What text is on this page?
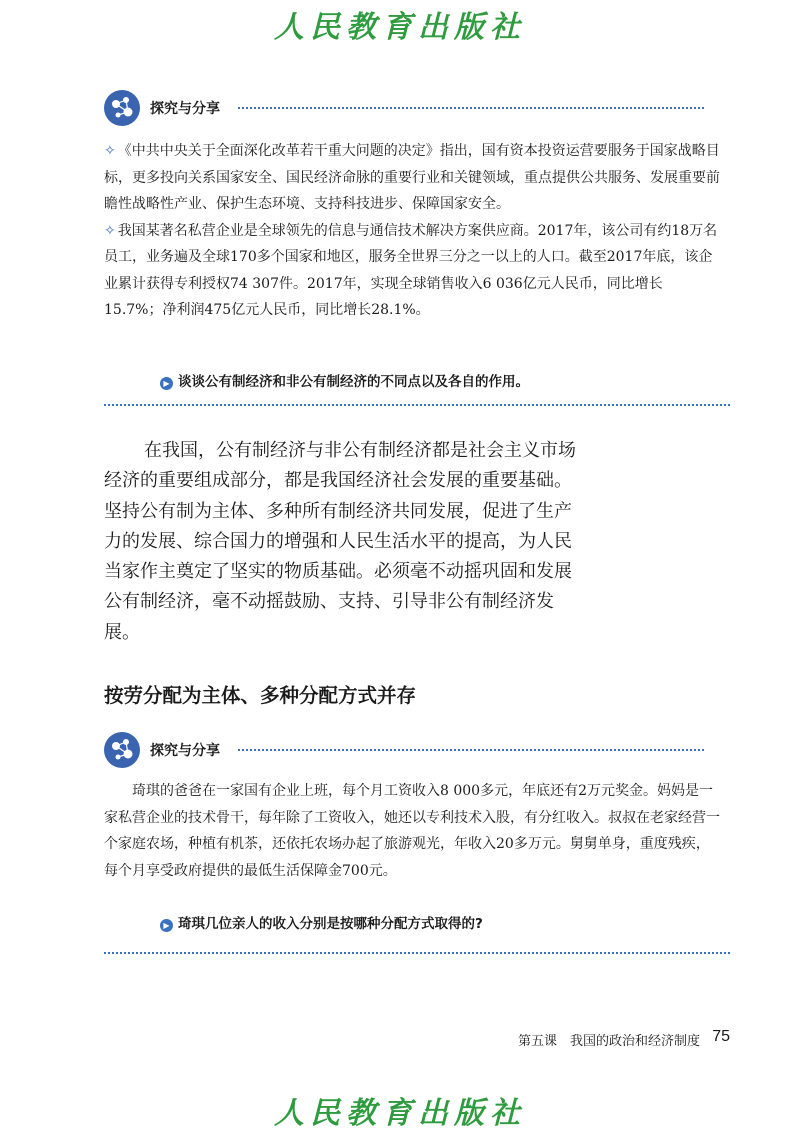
人民教育出版社
探究与分享

✧ 《中共中央关于全面深化改革若干重大问题的决定》指出，国有资本投资运营要服务于国家战略目标，更多投向关系国家安全、国民经济命脉的重要行业和关键领域，重点提供公共服务、发展重要前瞻性战略性产业、保护生态环境、支持科技进步、保障国家安全。

✧ 我国某著名私营企业是全球领先的信息与通信技术解决方案供应商。2017年，该公司有约18万名员工，业务遍及全球170多个国家和地区，服务全世界三分之一以上的人口。截至2017年底，该企业累计获得专利授权74 307件。2017年，实现全球销售收入6 036亿元人民币，同比增长15.7%；净利润475亿元人民币，同比增长28.1%。

▶ 谈谈公有制经济和非公有制经济的不同点以及各自的作用。
在我国，公有制经济与非公有制经济都是社会主义市场经济的重要组成部分，都是我国经济社会发展的重要基础。坚持公有制为主体、多种所有制经济共同发展，促进了生产力的发展、综合国力的增强和人民生活水平的提高，为人民当家作主奠定了坚实的物质基础。必须毫不动摇巩固和发展公有制经济，毫不动摇鼓励、支持、引导非公有制经济发展。
按劳分配为主体、多种分配方式并存
探究与分享
琦琪的爸爸在一家国有企业上班，每个月工资收入8 000多元，年底还有2万元奖金。妈妈是一家私营企业的技术骨干，每年除了工资收入，她还以专利技术入股，有分红收入。叔叔在老家经营一个家庭农场，种植有机茶，还依托农场办起了旅游观光，年收入20多万元。舅舅单身，重度残疾，每个月享受政府提供的最低生活保障金700元。
▶ 琦琪几位亲人的收入分别是按哪种分配方式取得的?
第五课　我国的政治和经济制度 75
人民教育出版社
